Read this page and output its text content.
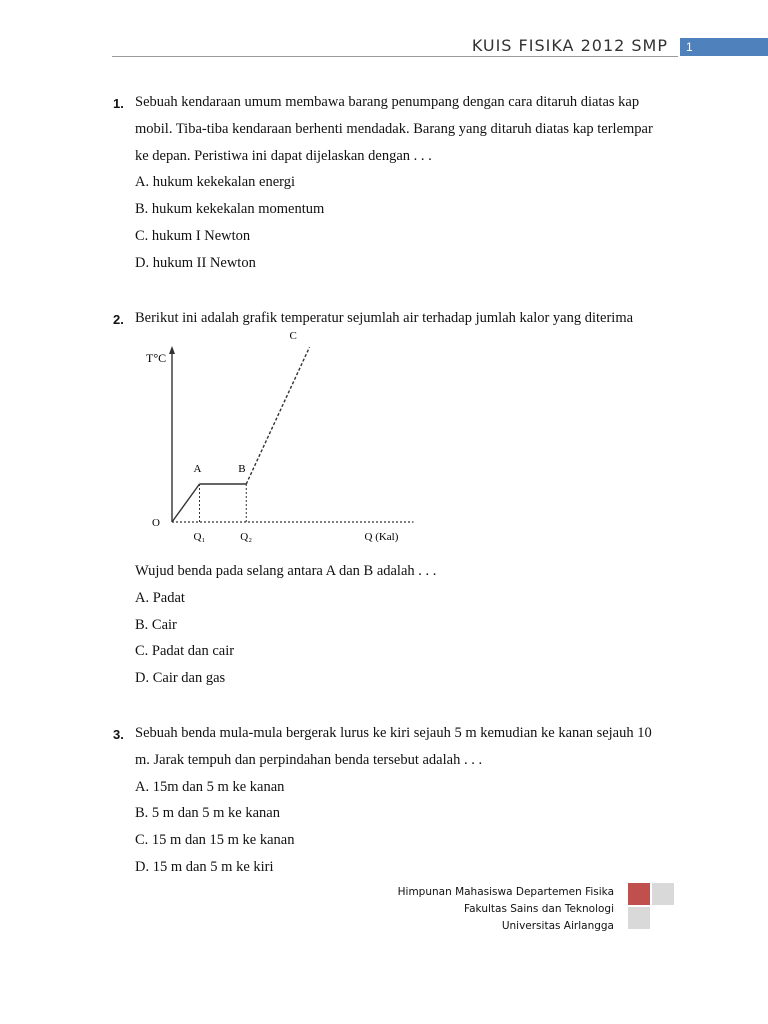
KUIS FISIKA 2012 SMP	1
1. Sebuah kendaraan umum membawa barang penumpang dengan cara ditaruh diatas kap
mobil. Tiba-tiba kendaraan berhenti mendadak. Barang yang ditaruh diatas kap terlempar
ke depan. Peristiwa ini dapat dijelaskan dengan . . .
A. hukum kekekalan energi
B. hukum kekekalan momentum
C. hukum I Newton
D. hukum II Newton
2. Berikut ini adalah grafik temperatur sejumlah air terhadap jumlah kalor yang diterima
T°C
Q (Kal)
O
A	B
C
Q₁	Q₂
Wujud benda pada selang antara A dan B adalah . . .
A. Padat
B. Cair
C. Padat dan cair
D. Cair dan gas
3. Sebuah benda mula-mula bergerak lurus ke kiri sejauh 5 m kemudian ke kanan sejauh 10
m. Jarak tempuh dan perpindahan benda tersebut adalah . . .
A. 15m dan 5 m ke kanan
B. 5 m dan 5 m ke kanan
C. 15 m dan 15 m ke kanan
D. 15 m dan 5 m ke kiri
Himpunan Mahasiswa Departemen Fisika
Fakultas Sains dan Teknologi
Universitas Airlangga
